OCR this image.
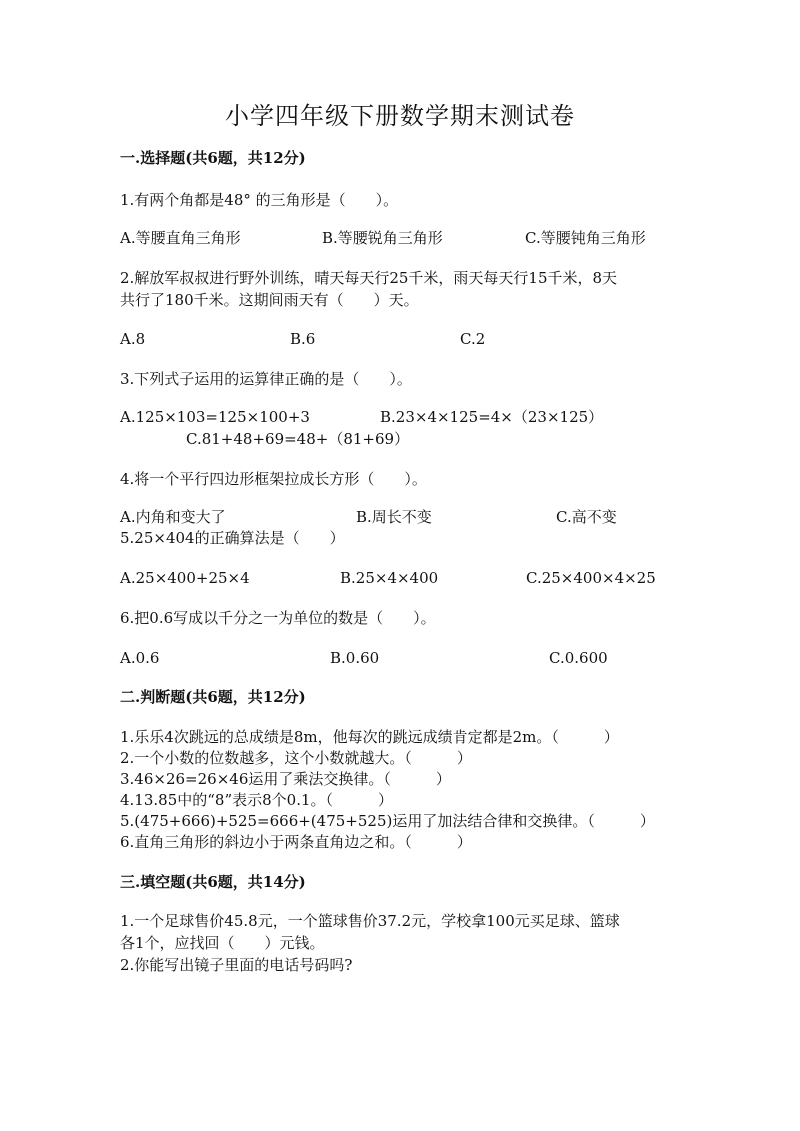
小学四年级下册数学期末测试卷
一.选择题(共6题，共12分)
1.有两个角都是48° 的三角形是（　　）。
A.等腰直角三角形	B.等腰锐角三角形	C.等腰钝角三角形
2.解放军叔叔进行野外训练，晴天每天行25千米，雨天每天行15千米，8天
共行了180千米。这期间雨天有（　　）天。
A.8	B.6	C.2
3.下列式子运用的运算律正确的是（　　）。
A.125×103=125×100+3	B.23×4×125=4×（23×125）
C.81+48+69=48+（81+69）
4.将一个平行四边形框架拉成长方形（　　）。
A.内角和变大了	B.周长不变	C.高不变
5.25×404的正确算法是（　　）
A.25×400+25×4	B.25×4×400	C.25×400×4×25
6.把0.6写成以千分之一为单位的数是（　　）。
A.0.6	B.0.60	C.0.600
二.判断题(共6题，共12分)
1.乐乐4次跳远的总成绩是8m，他每次的跳远成绩肯定都是2m。（　　　）
2.一个小数的位数越多，这个小数就越大。（　　　）
3.46×26=26×46运用了乘法交换律。（　　　）
4.13.85中的“8”表示8个0.1。（　　　）
5.(475+666)+525=666+(475+525)运用了加法结合律和交换律。（　　　）
6.直角三角形的斜边小于两条直角边之和。（　　　）
三.填空题(共6题，共14分)
1.一个足球售价45.8元，一个篮球售价37.2元，学校拿100元买足球、篮球
各1个，应找回（　　）元钱。
2.你能写出镜子里面的电话号码吗?
